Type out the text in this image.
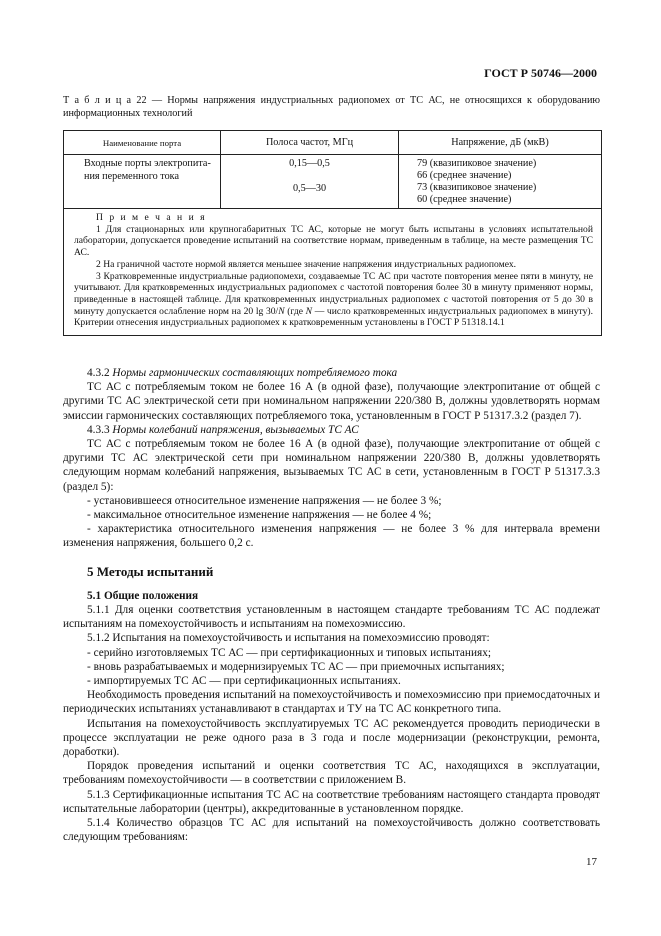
ГОСТ Р 50746—2000
Т а б л и ц а 22 — Нормы напряжения индустриальных радиопомех от ТС АС, не относящихся к оборудованию информационных технологий
Наименование порта	Полоса частот, МГц	Напряжение, дБ (мкВ)
Входные порты электропита-ния переменного тока
0,15—0,5
0,5—30
79 (квазипиковое значение)
66 (среднее значение)
73 (квазипиковое значение)
60 (среднее значение)

П р и м е ч а н и я

1 Для стационарных или крупногабаритных ТС АС, которые не могут быть испытаны в условиях испытательной лаборатории, допускается проведение испытаний на соответствие нормам, приведенным в таблице, на месте размещения ТС АС.

2 На граничной частоте нормой является меньшее значение напряжения индустриальных радиопомех.

3 Кратковременные индустриальные радиопомехи, создаваемые ТС АС при частоте повторения менее пяти в минуту, не учитывают. Для кратковременных индустриальных радиопомех с частотой повторения более 30 в минуту применяют нормы, приведенные в настоящей таблице. Для кратковременных индустриальных радиопомех с частотой повторения от 5 до 30 в минуту допускается ослабление норм на 20 lg 30/N (где N — число кратковременных индустриальных радиопомех в минуту). Критерии отнесения индустриальных радиопомех к кратковременным установлены в ГОСТ Р 51318.14.1

4.3.2 Нормы гармонических составляющих потребляемого тока

ТС АС с потребляемым током не более 16 А (в одной фазе), получающие электропитание от общей с другими ТС АС электрической сети при номинальном напряжении 220/380 В, должны удовлетворять нормам эмиссии гармонических составляющих потребляемого тока, установленным в ГОСТ Р 51317.3.2 (раздел 7).

4.3.3 Нормы колебаний напряжения, вызываемых ТС АС

ТС АС с потребляемым током не более 16 А (в одной фазе), получающие электропитание от общей с другими ТС АС электрической сети при номинальном напряжении 220/380 В, должны удовлетворять следующим нормам колебаний напряжения, вызываемых ТС АС в сети, установленным в ГОСТ Р 51317.3.3 (раздел 5):

- установившееся относительное изменение напряжения — не более 3 %;

- максимальное относительное изменение напряжения — не более 4 %;

- характеристика относительного изменения напряжения — не более 3 % для интервала времени изменения напряжения, большего 0,2 с.

5 Методы испытаний

5.1 Общие положения

5.1.1 Для оценки соответствия установленным в настоящем стандарте требованиям ТС АС подлежат испытаниям на помехоустойчивость и испытаниям на помехоэмиссию.

5.1.2 Испытания на помехоустойчивость и испытания на помехоэмиссию проводят:

- серийно изготовляемых ТС АС — при сертификационных и типовых испытаниях;

- вновь разрабатываемых и модернизируемых ТС АС — при приемочных испытаниях;

- импортируемых ТС АС — при сертификационных испытаниях.

Необходимость проведения испытаний на помехоустойчивость и помехоэмиссию при приемосдаточных и периодических испытаниях устанавливают в стандартах и ТУ на ТС АС конкретного типа.

Испытания на помехоустойчивость эксплуатируемых ТС АС рекомендуется проводить периодически в процессе эксплуатации не реже одного раза в 3 года и после модернизации (реконструкции, ремонта, доработки).

Порядок проведения испытаний и оценки соответствия ТС АС, находящихся в эксплуатации, требованиям помехоустойчивости — в соответствии с приложением В.

5.1.3 Сертификационные испытания ТС АС на соответствие требованиям настоящего стандарта проводят испытательные лаборатории (центры), аккредитованные в установленном порядке.

5.1.4 Количество образцов ТС АС для испытаний на помехоустойчивость должно соответствовать следующим требованиям:

17
